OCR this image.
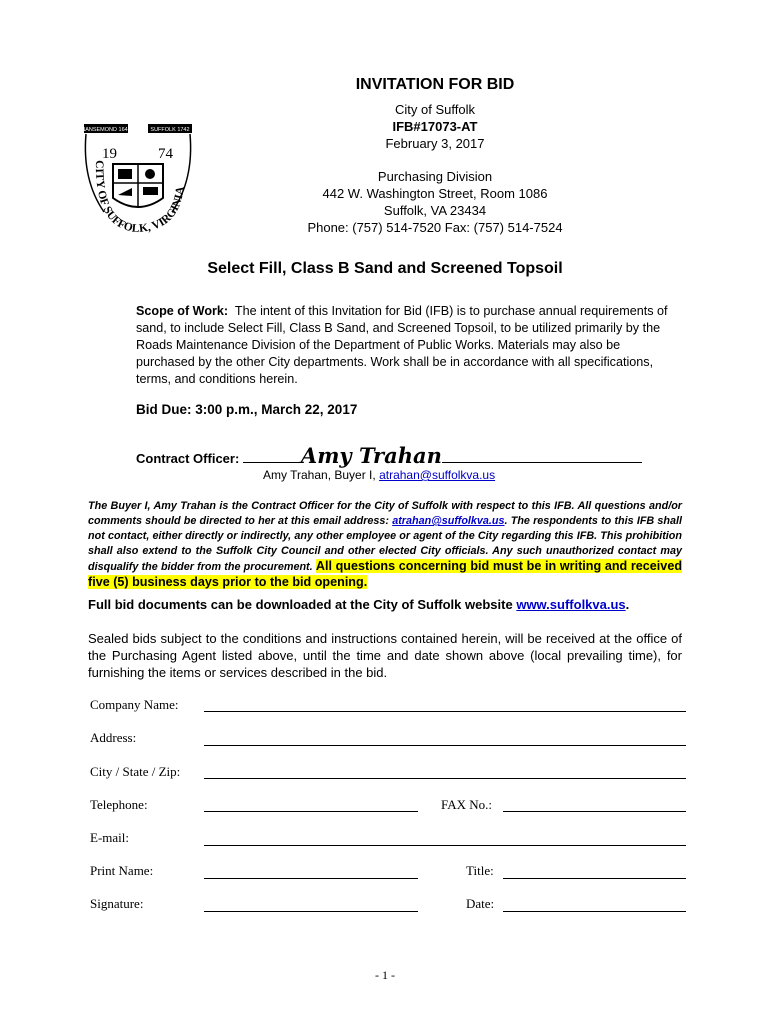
INVITATION FOR BID
City of Suffolk
IFB#17073-AT
February 3, 2017
Purchasing Division
442 W. Washington Street, Room 1086
Suffolk, VA 23434
Phone: (757) 514-7520 Fax: (757) 514-7524
NANSEMOND 1646	SUFFOLK 1742
19	74
CITY OF SUFFOLK, VIRGINIA
Select Fill, Class B Sand and Screened Topsoil
Scope of Work: The intent of this Invitation for Bid (IFB) is to purchase annual requirements of sand, to include Select Fill, Class B Sand, and Screened Topsoil, to be utilized primarily by the Roads Maintenance Division of the Department of Public Works. Materials may also be purchased by the other City departments. Work shall be in accordance with all specifications, terms, and conditions herein.
Bid Due: 3:00 p.m., March 22, 2017
Contract Officer:	Amy Trahan
Amy Trahan, Buyer I, atrahan@suffolkva.us
The Buyer I, Amy Trahan is the Contract Officer for the City of Suffolk with respect to this IFB. All questions and/or comments should be directed to her at this email address: atrahan@suffolkva.us. The respondents to this IFB shall not contact, either directly or indirectly, any other employee or agent of the City regarding this IFB. This prohibition shall also extend to the Suffolk City Council and other elected City officials. Any such unauthorized contact may disqualify the bidder from the procurement. All questions concerning bid must be in writing and received five (5) business days prior to the bid opening.
Full bid documents can be downloaded at the City of Suffolk website www.suffolkva.us.
Sealed bids subject to the conditions and instructions contained herein, will be received at the office of the Purchasing Agent listed above, until the time and date shown above (local prevailing time), for furnishing the items or services described in the bid.
Company Name:
Address:
City / State / Zip:
Telephone:	FAX No.:
E-mail:
Print Name:	Title:
Signature:	Date:
- 1 -
